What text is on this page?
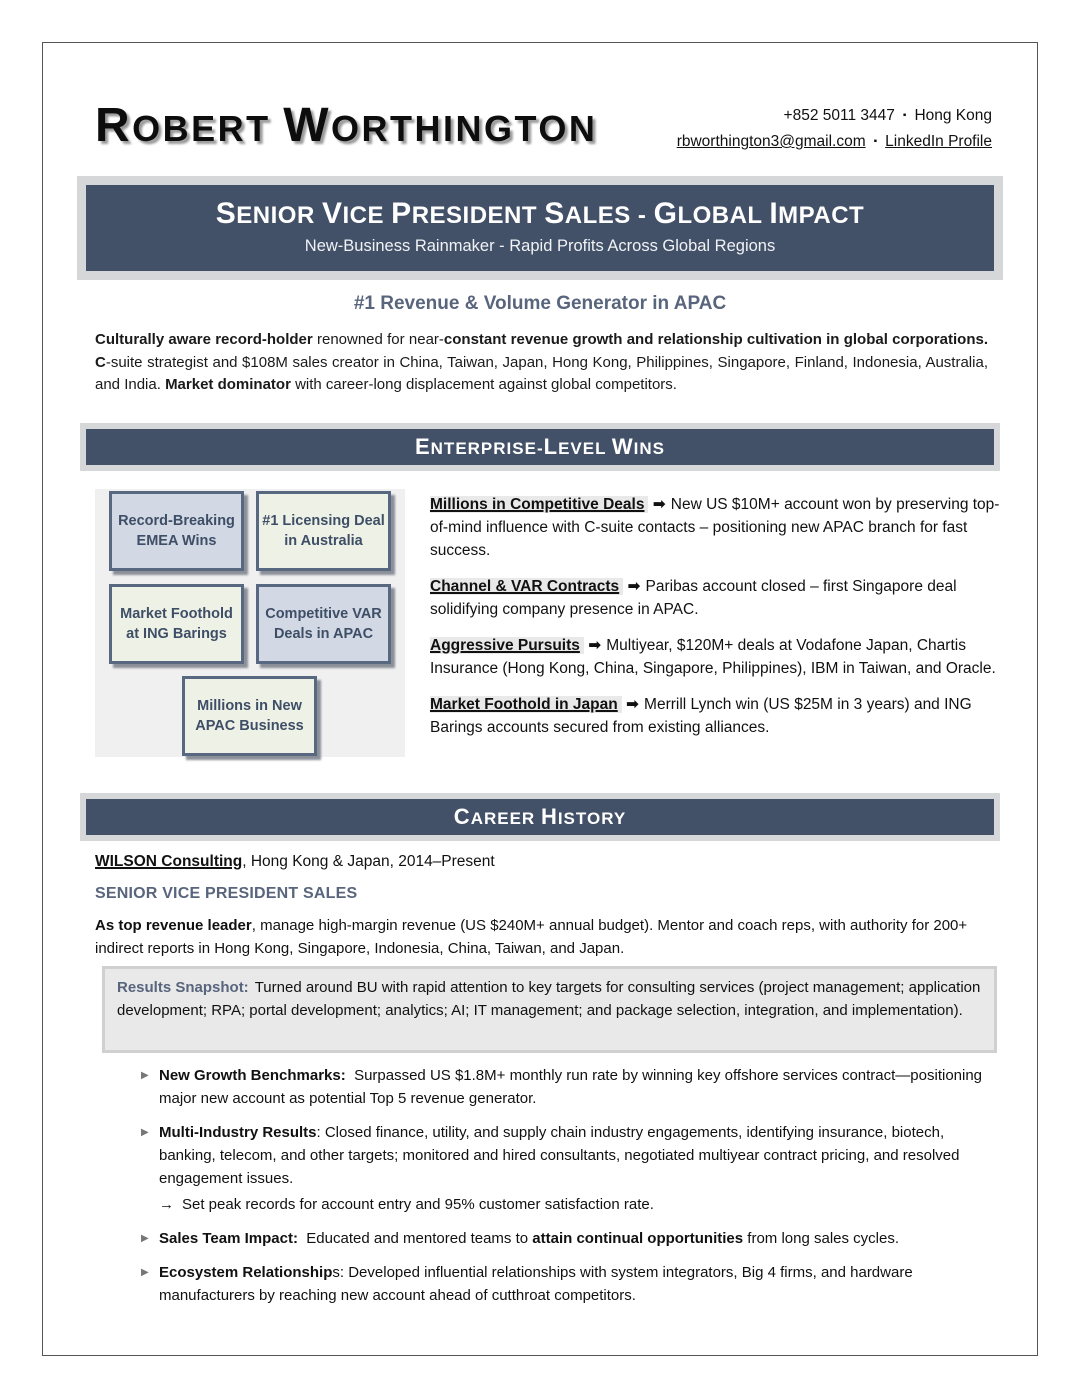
ROBERT WORTHINGTON	+852 5011 3447 ▪ Hong Kong
rbworthington3@gmail.com ▪ LinkedIn Profile
SENIOR VICE PRESIDENT SALES - GLOBAL IMPACT
New-Business Rainmaker - Rapid Profits Across Global Regions
#1 Revenue & Volume Generator in APAC
Culturally aware record-holder renowned for near-constant revenue growth and relationship cultivation in global corporations. C-suite strategist and $108M sales creator in China, Taiwan, Japan, Hong Kong, Philippines, Singapore, Finland, Indonesia, Australia, and India. Market dominator with career-long displacement against global competitors.
ENTERPRISE-LEVEL WINS
Record-Breaking EMEA Wins
#1 Licensing Deal in Australia
Market Foothold at ING Barings
Competitive VAR Deals in APAC
Millions in New APAC Business
Millions in Competitive Deals ➡ New US $10M+ account won by preserving top-of-mind influence with C-suite contacts – positioning new APAC branch for fast success.
Channel & VAR Contracts ➡ Paribas account closed – first Singapore deal solidifying company presence in APAC.
Aggressive Pursuits ➡ Multiyear, $120M+ deals at Vodafone Japan, Chartis Insurance (Hong Kong, China, Singapore, Philippines), IBM in Taiwan, and Oracle.
Market Foothold in Japan ➡ Merrill Lynch win (US $25M in 3 years) and ING Barings accounts secured from existing alliances.
CAREER HISTORY
WILSON Consulting, Hong Kong & Japan, 2014–Present
SENIOR VICE PRESIDENT SALES
As top revenue leader, manage high-margin revenue (US $240M+ annual budget). Mentor and coach reps, with authority for 200+ indirect reports in Hong Kong, Singapore, Indonesia, China, Taiwan, and Japan.
Results Snapshot: Turned around BU with rapid attention to key targets for consulting services (project management; application development; RPA; portal development; analytics; AI; IT management; and package selection, integration, and implementation).
▶ New Growth Benchmarks: Surpassed US $1.8M+ monthly run rate by winning key offshore services contract—positioning major new account as potential Top 5 revenue generator.
▶ Multi-Industry Results: Closed finance, utility, and supply chain industry engagements, identifying insurance, biotech, banking, telecom, and other targets; monitored and hired consultants, negotiated multiyear contract pricing, and resolved engagement issues.
→ Set peak records for account entry and 95% customer satisfaction rate.
▶ Sales Team Impact: Educated and mentored teams to attain continual opportunities from long sales cycles.
▶ Ecosystem Relationships: Developed influential relationships with system integrators, Big 4 firms, and hardware manufacturers by reaching new account ahead of cutthroat competitors.
